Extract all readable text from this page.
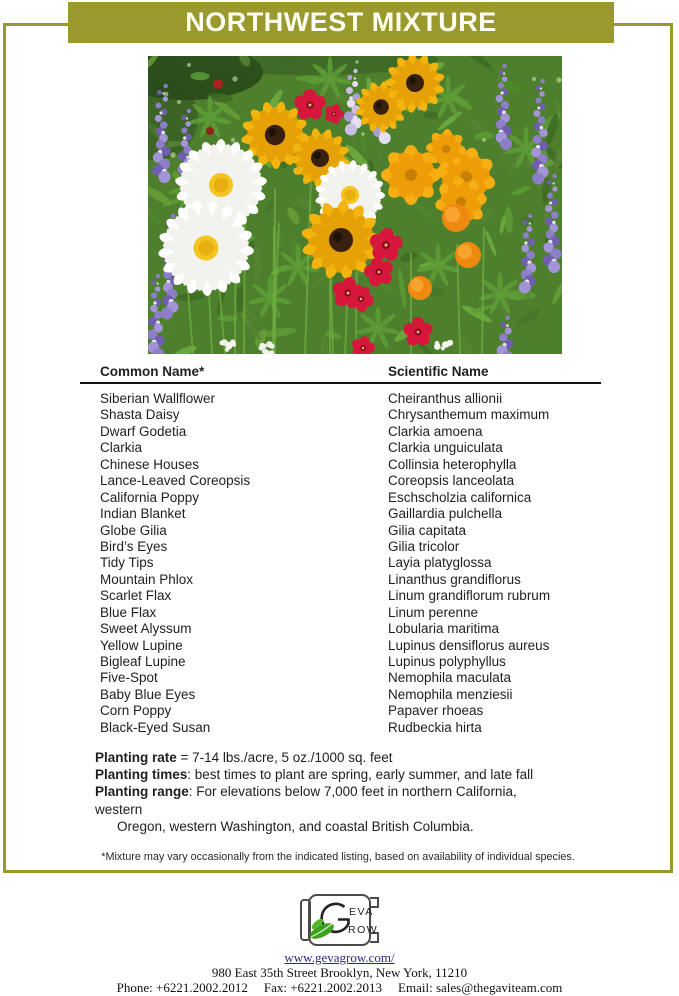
NORTHWEST MIXTURE
Common Name*	Scientific Name
Siberian Wallflower	Cheiranthus allionii
Shasta Daisy	Chrysanthemum maximum
Dwarf Godetia	Clarkia amoena
Clarkia	Clarkia unguiculata
Chinese Houses	Collinsia heterophylla
Lance-Leaved Coreopsis	Coreopsis lanceolata
California Poppy	Eschscholzia californica
Indian Blanket	Gaillardia pulchella
Globe Gilia	Gilia capitata
Bird’s Eyes	Gilia tricolor
Tidy Tips	Layia platyglossa
Mountain Phlox	Linanthus grandiflorus
Scarlet Flax	Linum grandiflorum rubrum
Blue Flax	Linum perenne
Sweet Alyssum	Lobularia maritima
Yellow Lupine	Lupinus densiflorus aureus
Bigleaf Lupine	Lupinus polyphyllus
Five-Spot	Nemophila maculata
Baby Blue Eyes	Nemophila menziesii
Corn Poppy	Papaver rhoeas
Black-Eyed Susan	Rudbeckia hirta
Planting rate = 7-14 lbs./acre, 5 oz./1000 sq. feet
Planting times: best times to plant are spring, early summer, and late fall
Planting range: For elevations below 7,000 feet in northern California,
western
Oregon, western Washington, and coastal British Columbia.
*Mixture may vary occasionally from the indicated listing, based on availability of individual species.
EVA
ROW
www.gevagrow.com/
980 East 35th Street Brooklyn, New York, 11210
Phone: +6221.2002.2012 Fax: +6221.2002.2013 Email: sales@thegaviteam.com
